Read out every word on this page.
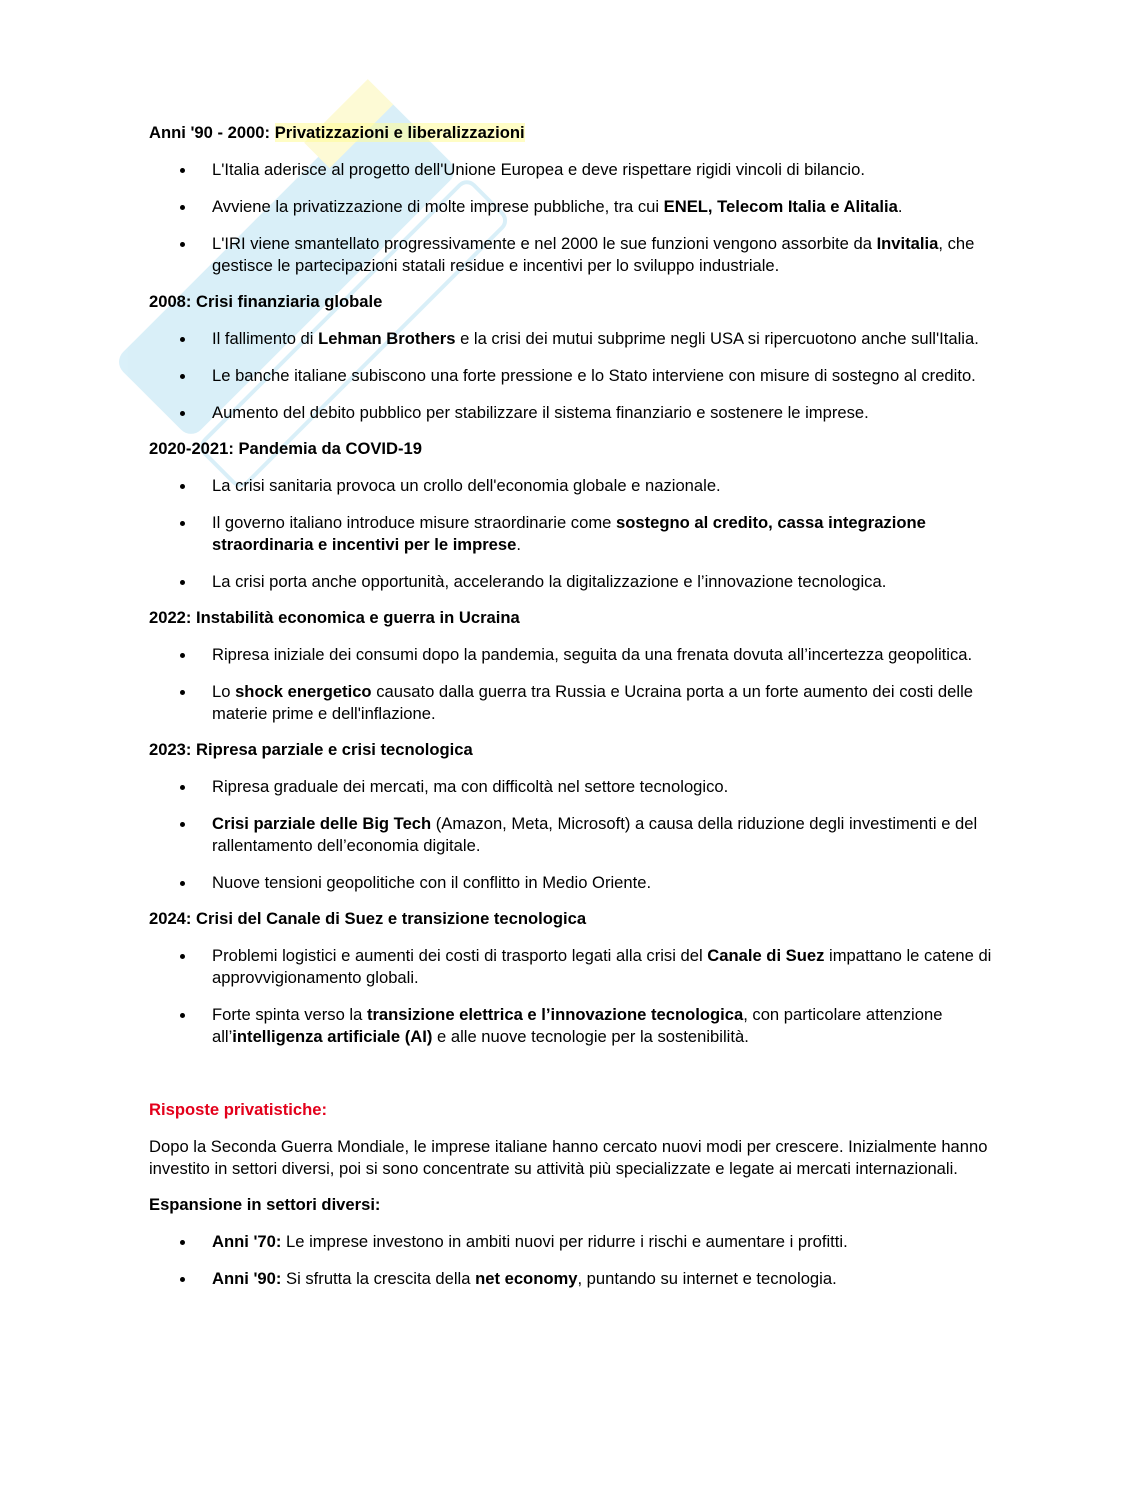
Anni '90 - 2000: Privatizzazioni e liberalizzazioni
L'Italia aderisce al progetto dell'Unione Europea e deve rispettare rigidi vincoli di bilancio.
Avviene la privatizzazione di molte imprese pubbliche, tra cui ENEL, Telecom Italia e Alitalia.
L'IRI viene smantellato progressivamente e nel 2000 le sue funzioni vengono assorbite da Invitalia, che gestisce le partecipazioni statali residue e incentivi per lo sviluppo industriale.
2008: Crisi finanziaria globale
Il fallimento di Lehman Brothers e la crisi dei mutui subprime negli USA si ripercuotono anche sull'Italia.
Le banche italiane subiscono una forte pressione e lo Stato interviene con misure di sostegno al credito.
Aumento del debito pubblico per stabilizzare il sistema finanziario e sostenere le imprese.
2020-2021: Pandemia da COVID-19
La crisi sanitaria provoca un crollo dell'economia globale e nazionale.
Il governo italiano introduce misure straordinarie come sostegno al credito, cassa integrazione straordinaria e incentivi per le imprese.
La crisi porta anche opportunità, accelerando la digitalizzazione e l’innovazione tecnologica.
2022: Instabilità economica e guerra in Ucraina
Ripresa iniziale dei consumi dopo la pandemia, seguita da una frenata dovuta all’incertezza geopolitica.
Lo shock energetico causato dalla guerra tra Russia e Ucraina porta a un forte aumento dei costi delle materie prime e dell'inflazione.
2023: Ripresa parziale e crisi tecnologica
Ripresa graduale dei mercati, ma con difficoltà nel settore tecnologico.
Crisi parziale delle Big Tech (Amazon, Meta, Microsoft) a causa della riduzione degli investimenti e del rallentamento dell’economia digitale.
Nuove tensioni geopolitiche con il conflitto in Medio Oriente.
2024: Crisi del Canale di Suez e transizione tecnologica
Problemi logistici e aumenti dei costi di trasporto legati alla crisi del Canale di Suez impattano le catene di approvvigionamento globali.
Forte spinta verso la transizione elettrica e l’innovazione tecnologica, con particolare attenzione all’intelligenza artificiale (AI) e alle nuove tecnologie per la sostenibilità.
Risposte privatistiche:

Dopo la Seconda Guerra Mondiale, le imprese italiane hanno cercato nuovi modi per crescere. Inizialmente hanno investito in settori diversi, poi si sono concentrate su attività più specializzate e legate ai mercati internazionali.

Espansione in settori diversi:
Anni '70: Le imprese investono in ambiti nuovi per ridurre i rischi e aumentare i profitti.
Anni '90: Si sfrutta la crescita della net economy, puntando su internet e tecnologia.
